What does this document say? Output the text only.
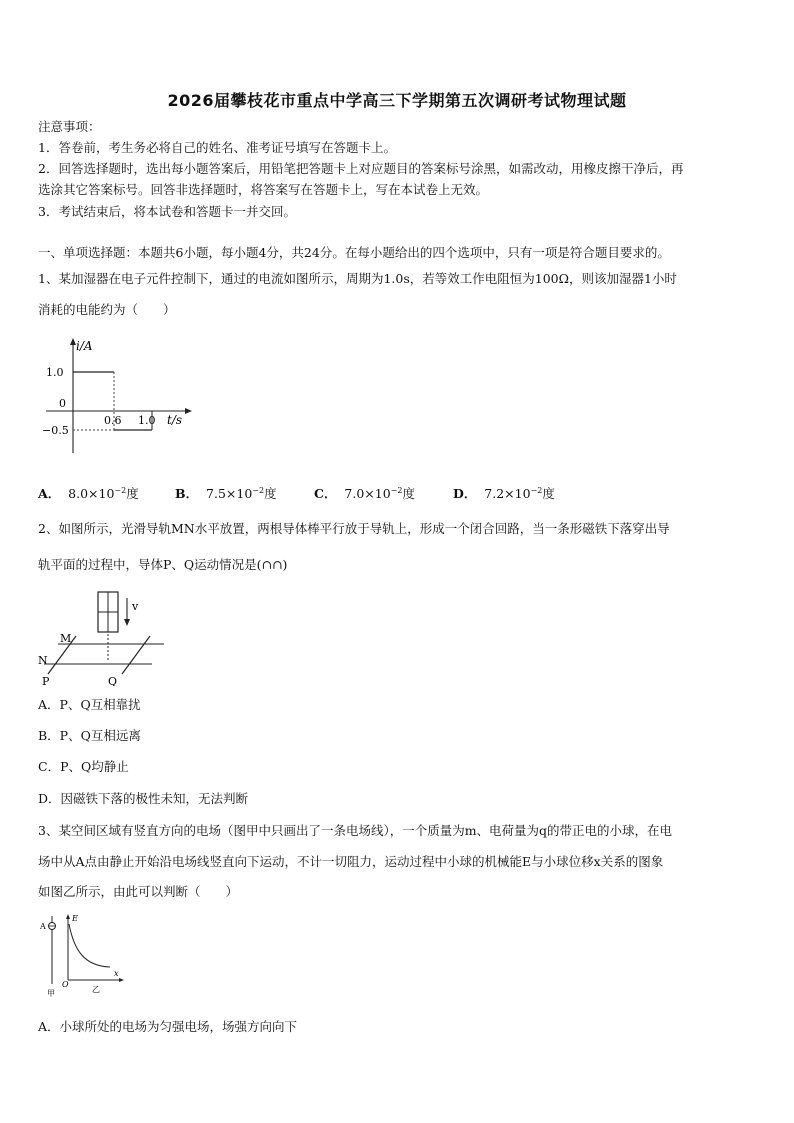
2026届攀枝花市重点中学高三下学期第五次调研考试物理试题
注意事项：
1．答卷前，考生务必将自己的姓名、准考证号填写在答题卡上。
2．回答选择题时，选出每小题答案后，用铅笔把答题卡上对应题目的答案标号涂黑，如需改动，用橡皮擦干净后，再
选涂其它答案标号。回答非选择题时，将答案写在答题卡上，写在本试卷上无效。
3．考试结束后，将本试卷和答题卡一并交回。
一、单项选择题：本题共6小题，每小题4分，共24分。在每小题给出的四个选项中，只有一项是符合题目要求的。
1、某加湿器在电子元件控制下，通过的电流如图所示，周期为1.0s，若等效工作电阻恒为100Ω，则该加湿器1小时
消耗的电能约为（　　）
i/A
t/s
1.0
0
−0.5
0.6 1.0
A． $8.0\times 10^{-2}$度	B． $7.5\times 10^{-2}$度	C． $7.0\times 10^{-2}$度	D． $7.2\times 10^{-2}$度
2、如图所示，光滑导轨MN水平放置，两根导体棒平行放于导轨上，形成一个闭合回路，当一条形磁铁下落穿出导
轨平面的过程中，导体P、Q运动情况是(∩∩)
v
M
N
P	Q
A．P、Q互相靠扰
B．P、Q互相远离
C．P、Q均静止
D．因磁铁下落的极性未知，无法判断
3、某空间区域有竖直方向的电场（图甲中只画出了一条电场线），一个质量为m、电荷量为q的带正电的小球，在电
场中从A点由静止开始沿电场线竖直向下运动，不计一切阻力，运动过程中小球的机械能E与小球位移x关系的图象
如图乙所示，由此可以判断（　　）
A
甲
E
O
x
乙
A．小球所处的电场为匀强电场，场强方向向下
